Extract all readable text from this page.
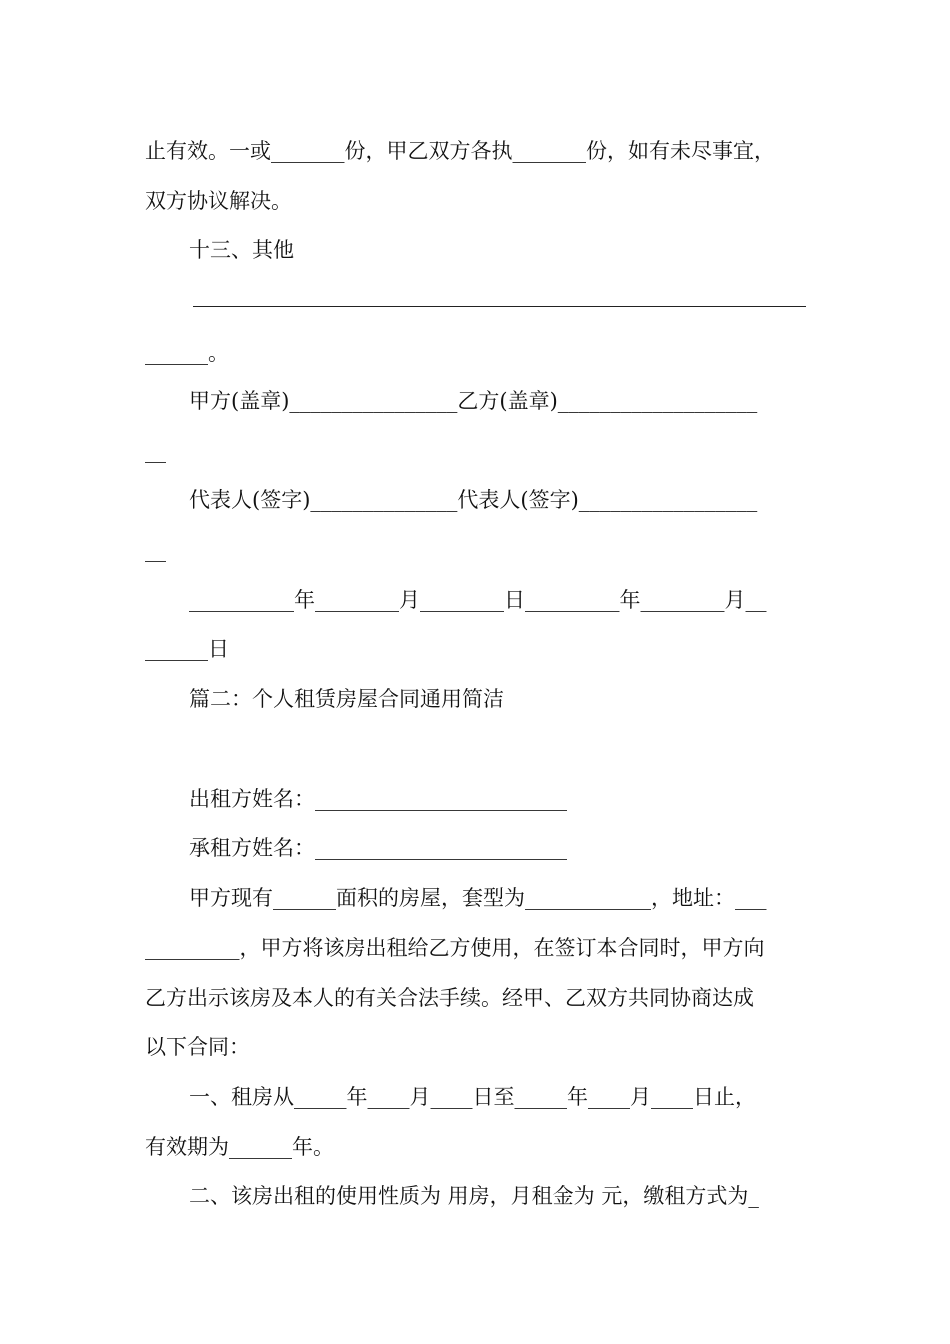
止有效。一或_______份，甲乙双方各执_______份，如有未尽事宜，
双方协议解决。
十三、其他
______。
甲方(盖章)________________乙方(盖章)___________________
__
代表人(签字)______________代表人(签字)_________________
__
__________年________月________日_________年________月__
______日
篇二：个人租赁房屋合同通用简洁
出租方姓名：________________________
承租方姓名：________________________
甲方现有______面积的房屋，套型为____________，地址：___
_________，甲方将该房出租给乙方使用，在签订本合同时，甲方向
乙方出示该房及本人的有关合法手续。经甲、乙双方共同协商达成
以下合同：
一、租房从_____年____月____日至_____年____月____日止，
有效期为______年。
二、该房出租的使用性质为 用房，月租金为 元，缴租方式为_
